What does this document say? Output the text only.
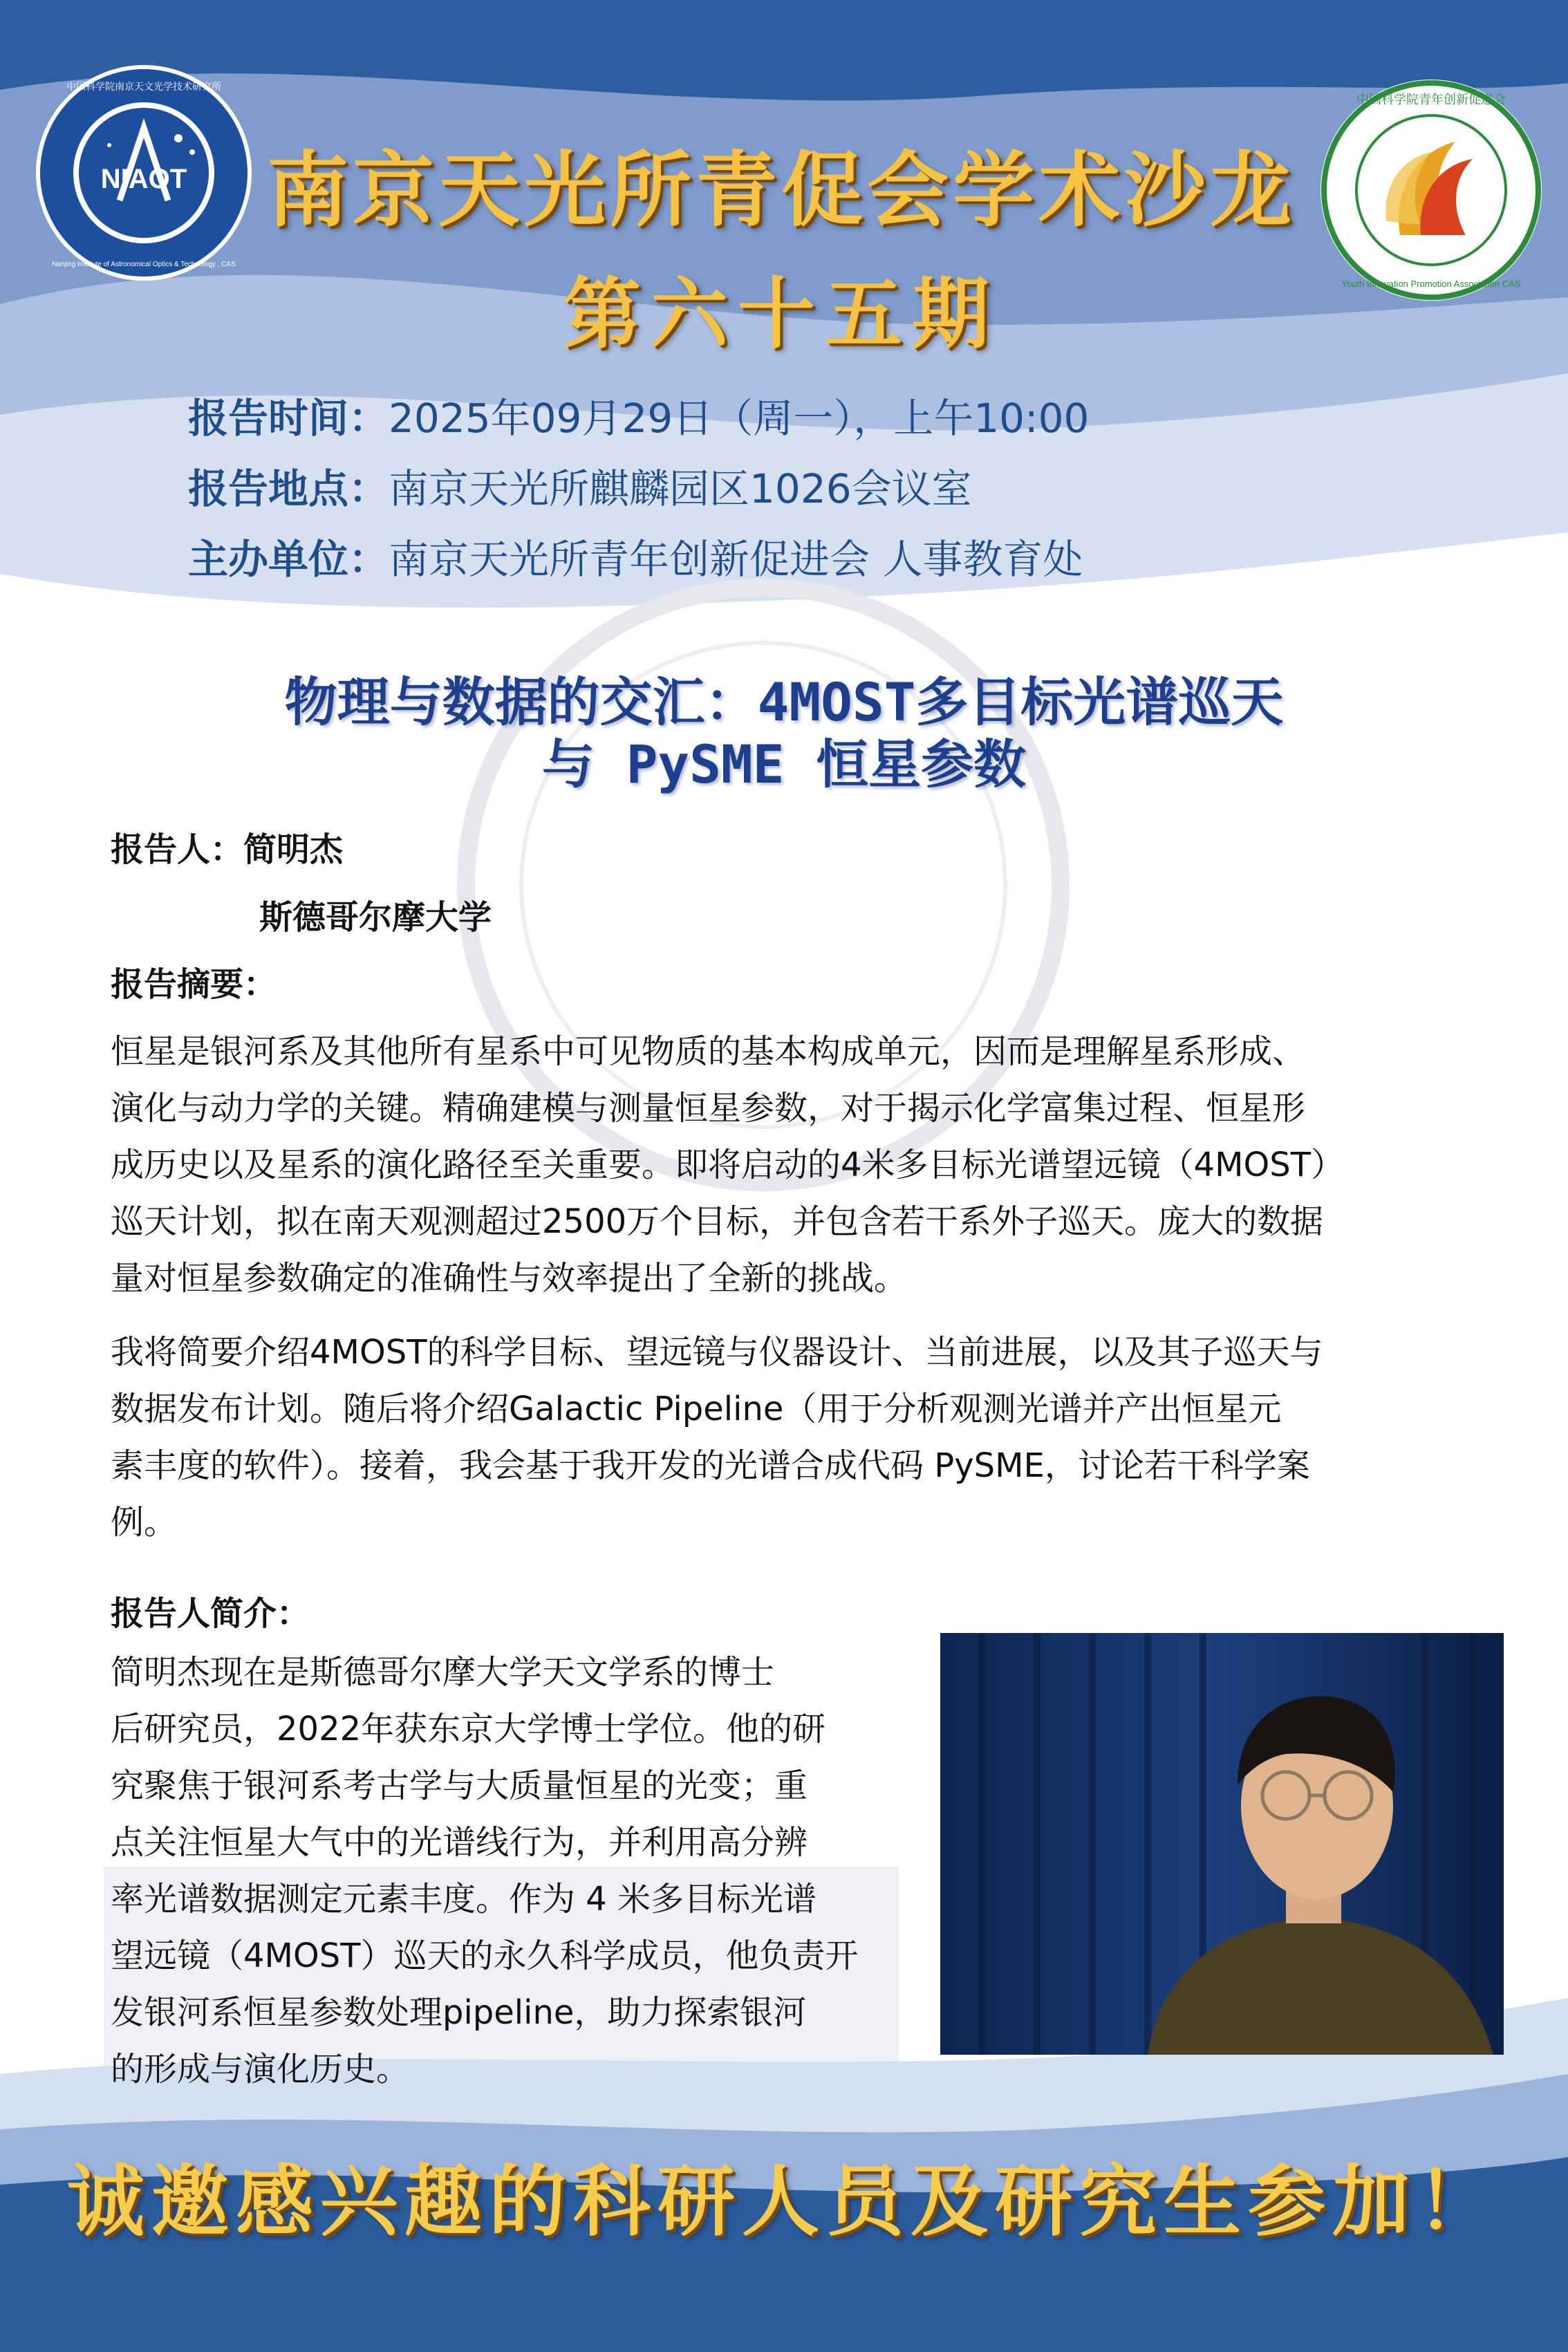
NIAOT
中国科学院南京天文光学技术研究所
Nanjing Institute of Astronomical Optics & Technology , CAS
中国科学院青年创新促进会
Youth Innovation Promotion Association CAS
南京天光所青促会学术沙龙
第六十五期
报告时间：2025年09月29日（周一），上午10:00
报告地点：南京天光所麒麟园区1026会议室
主办单位：南京天光所青年创新促进会 人事教育处
物理与数据的交汇：4MOST多目标光谱巡天
与 PySME 恒星参数
报告人：简明杰
斯德哥尔摩大学
报告摘要：
恒星是银河系及其他所有星系中可见物质的基本构成单元，因而是理解星系形成、
演化与动力学的关键。精确建模与测量恒星参数，对于揭示化学富集过程、恒星形
成历史以及星系的演化路径至关重要。即将启动的4米多目标光谱望远镜（4MOST）
巡天计划，拟在南天观测超过2500万个目标，并包含若干系外子巡天。庞大的数据
量对恒星参数确定的准确性与效率提出了全新的挑战。
我将简要介绍4MOST的科学目标、望远镜与仪器设计、当前进展，以及其子巡天与
数据发布计划。随后将介绍Galactic Pipeline（用于分析观测光谱并产出恒星元
素丰度的软件）。接着，我会基于我开发的光谱合成代码 PySME，讨论若干科学案
例。
报告人简介：
简明杰现在是斯德哥尔摩大学天文学系的博士
后研究员，2022年获东京大学博士学位。他的研
究聚焦于银河系考古学与大质量恒星的光变；重
点关注恒星大气中的光谱线行为，并利用高分辨
率光谱数据测定元素丰度。作为 4 米多目标光谱
望远镜（4MOST）巡天的永久科学成员，他负责开
发银河系恒星参数处理pipeline，助力探索银河
的形成与演化历史。
诚邀感兴趣的科研人员及研究生参加！
